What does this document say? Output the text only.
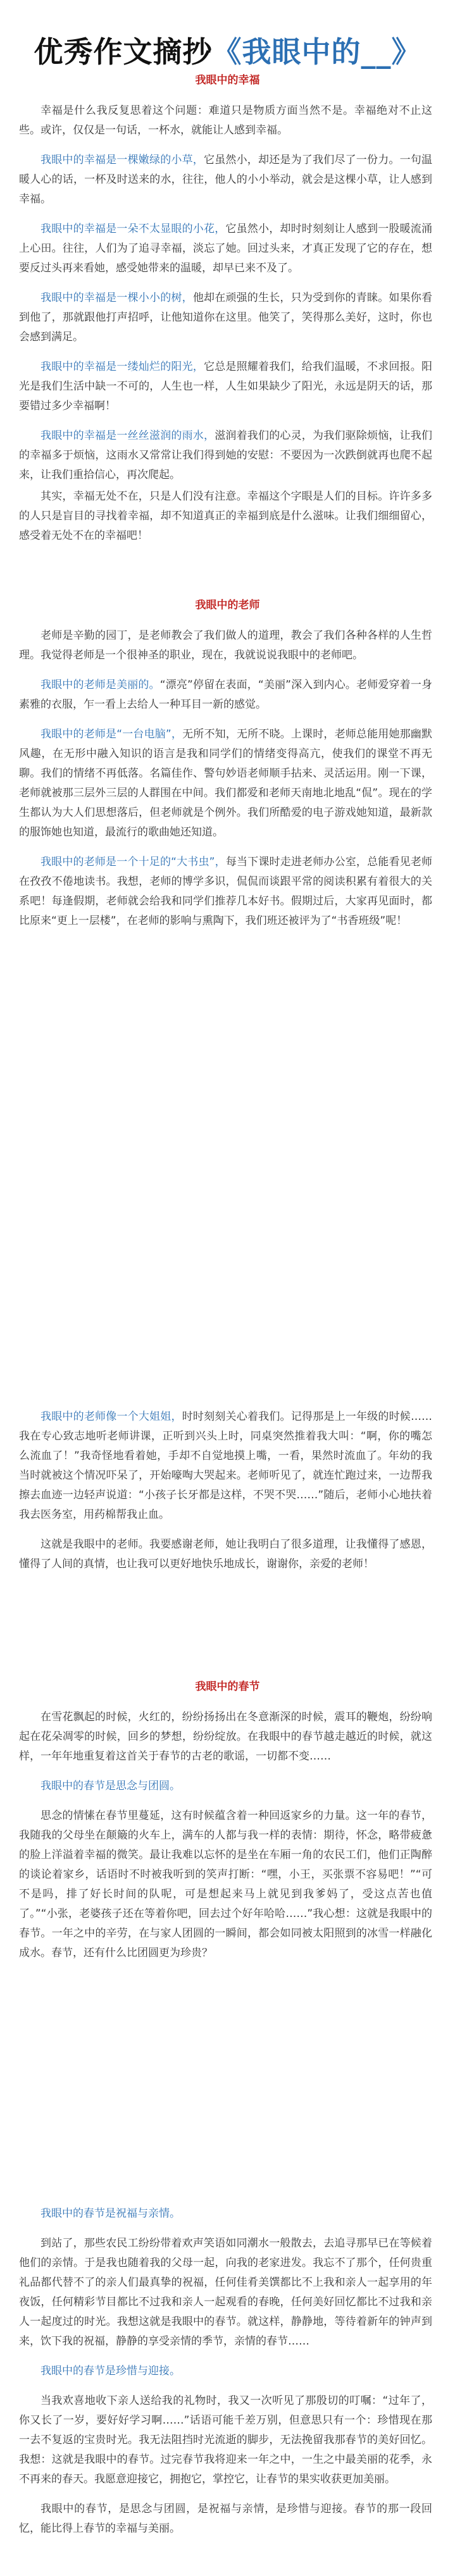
优秀作文摘抄《我眼中的__》
我眼中的幸福

幸福是什么我反复思着这个问题：难道只是物质方面当然不是。幸福绝对不止这些。或许，仅仅是一句话，一杯水，就能让人感到幸福。

我眼中的幸福是一棵嫩绿的小草，它虽然小，却还是为了我们尽了一份力。一句温暖人心的话，一杯及时送来的水，往往，他人的小小举动，就会是这棵小草，让人感到幸福。

我眼中的幸福是一朵不太显眼的小花，它虽然小，却时时刻刻让人感到一股暖流涌上心田。往往，人们为了追寻幸福，淡忘了她。回过头来，才真正发现了它的存在，想要反过头再来看她，感受她带来的温暖，却早已来不及了。

我眼中的幸福是一棵小小的树，他却在顽强的生长，只为受到你的青睐。如果你看到他了，那就跟他打声招呼，让他知道你在这里。他笑了，笑得那么美好，这时，你也会感到满足。

我眼中的幸福是一缕灿烂的阳光，它总是照耀着我们，给我们温暖，不求回报。阳光是我们生活中缺一不可的，人生也一样，人生如果缺少了阳光，永远是阴天的话，那要错过多少幸福啊！

我眼中的幸福是一丝丝滋润的雨水，滋润着我们的心灵，为我们驱除烦恼，让我们的幸福多于烦恼，这雨水又常常让我们得到她的安慰：不要因为一次跌倒就再也爬不起来，让我们重拾信心，再次爬起。

其实，幸福无处不在，只是人们没有注意。幸福这个字眼是人们的目标。许许多多的人只是盲目的寻找着幸福，却不知道真正的幸福到底是什么滋味。让我们细细留心，感受着无处不在的幸福吧！

我眼中的老师

老师是辛勤的园丁，是老师教会了我们做人的道理，教会了我们各种各样的人生哲理。我觉得老师是一个很神圣的职业，现在，我就说说我眼中的老师吧。

我眼中的老师是美丽的。“漂亮”停留在表面，“美丽”深入到内心。老师爱穿着一身素雅的衣服，乍一看上去给人一种耳目一新的感觉。

我眼中的老师是“一台电脑”，无所不知，无所不晓。上课时，老师总能用她那幽默风趣，在无形中融入知识的语言是我和同学们的情绪变得高亢，使我们的课堂不再无聊。我们的情绪不再低落。名篇佳作、警句妙语老师顺手拈来、灵活运用。刚一下课，老师就被那三层外三层的人群围在中间。我们都爱和老师天南地北地乱“侃”。现在的学生都认为大人们思想落后，但老师就是个例外。我们所酷爱的电子游戏她知道，最新款的服饰她也知道，最流行的歌曲她还知道。

我眼中的老师是一个十足的“大书虫”，每当下课时走进老师办公室，总能看见老师在孜孜不倦地读书。我想，老师的博学多识，侃侃而谈跟平常的阅读积累有着很大的关系吧！每逢假期，老师就会给我和同学们推荐几本好书。假期过后，大家再见面时，都比原来“更上一层楼”，在老师的影响与熏陶下，我们班还被评为了“书香班级”呢！

我眼中的老师像一个大姐姐，时时刻刻关心着我们。记得那是上一年级的时候……我在专心致志地听老师讲课，正听到兴头上时，同桌突然推着我大叫：“啊，你的嘴怎么流血了！”我奇怪地看着她，手却不自觉地摸上嘴，一看，果然时流血了。年幼的我当时就被这个情况吓呆了，开始嚎啕大哭起来。老师听见了，就连忙跑过来，一边帮我擦去血迹一边轻声说道：“小孩子长牙都是这样，不哭不哭……”随后，老师小心地扶着我去医务室，用药棉帮我止血。

这就是我眼中的老师。我要感谢老师，她让我明白了很多道理，让我懂得了感恩，懂得了人间的真情，也让我可以更好地快乐地成长，谢谢你，亲爱的老师！

我眼中的春节

在雪花飘起的时候，火红的，纷纷扬扬出在冬意渐深的时候，震耳的鞭炮，纷纷响起在花朵凋零的时候，回乡的梦想，纷纷绽放。在我眼中的春节越走越近的时候，就这样，一年年地重复着这首关于春节的古老的歌谣，一切都不变……

我眼中的春节是思念与团圆。

思念的情愫在春节里蔓延，这有时候蕴含着一种回返家乡的力量。这一年的春节，我随我的父母坐在颠簸的火车上，满车的人都与我一样的表情：期待，怀念，略带疲惫的脸上洋溢着幸福的微笑。最让我难以忘怀的是坐在车厢一角的农民工们，他们正陶醉的谈论着家乡，话语时不时被我听到的笑声打断：“嘿，小王，买张票不容易吧！”“可不是吗，排了好长时间的队呢，可是想起来马上就见到我爹妈了，受这点苦也值了。”“小张，老婆孩子还在等着你吧，回去过个好年哈哈……”我心想：这就是我眼中的春节。一年之中的辛劳，在与家人团圆的一瞬间，都会如同被太阳照到的冰雪一样融化成水。春节，还有什么比团圆更为珍贵？

我眼中的春节是祝福与亲情。

到站了，那些农民工纷纷带着欢声笑语如同潮水一般散去，去追寻那早已在等候着他们的亲情。于是我也随着我的父母一起，向我的老家进发。我忘不了那个，任何贵重礼品都代替不了的亲人们最真挚的祝福，任何佳肴美馔都比不上我和亲人一起享用的年夜饭，任何精彩节目都比不过我和亲人一起观看的春晚，任何美好回忆都比不过我和亲人一起度过的时光。我想这就是我眼中的春节。就这样，静静地，等待着新年的钟声到来，饮下我的祝福，静静的享受亲情的季节，亲情的春节……

我眼中的春节是珍惜与迎接。

当我欢喜地收下亲人送给我的礼物时，我又一次听见了那殷切的叮嘱：“过年了，你又长了一岁，要好好学习啊……”话语可能千差万别，但意思只有一个：珍惜现在那一去不复返的宝贵时光。我无法阻挡时光流逝的脚步，无法挽留我那春节的美好回忆。我想：这就是我眼中的春节。过完春节我将迎来一年之中，一生之中最美丽的花季，永不再来的春天。我愿意迎接它，拥抱它，掌控它，让春节的果实收获更加美丽。

我眼中的春节，是思念与团圆，是祝福与亲情，是珍惜与迎接。春节的那一段回忆，能比得上春节的幸福与美丽。
